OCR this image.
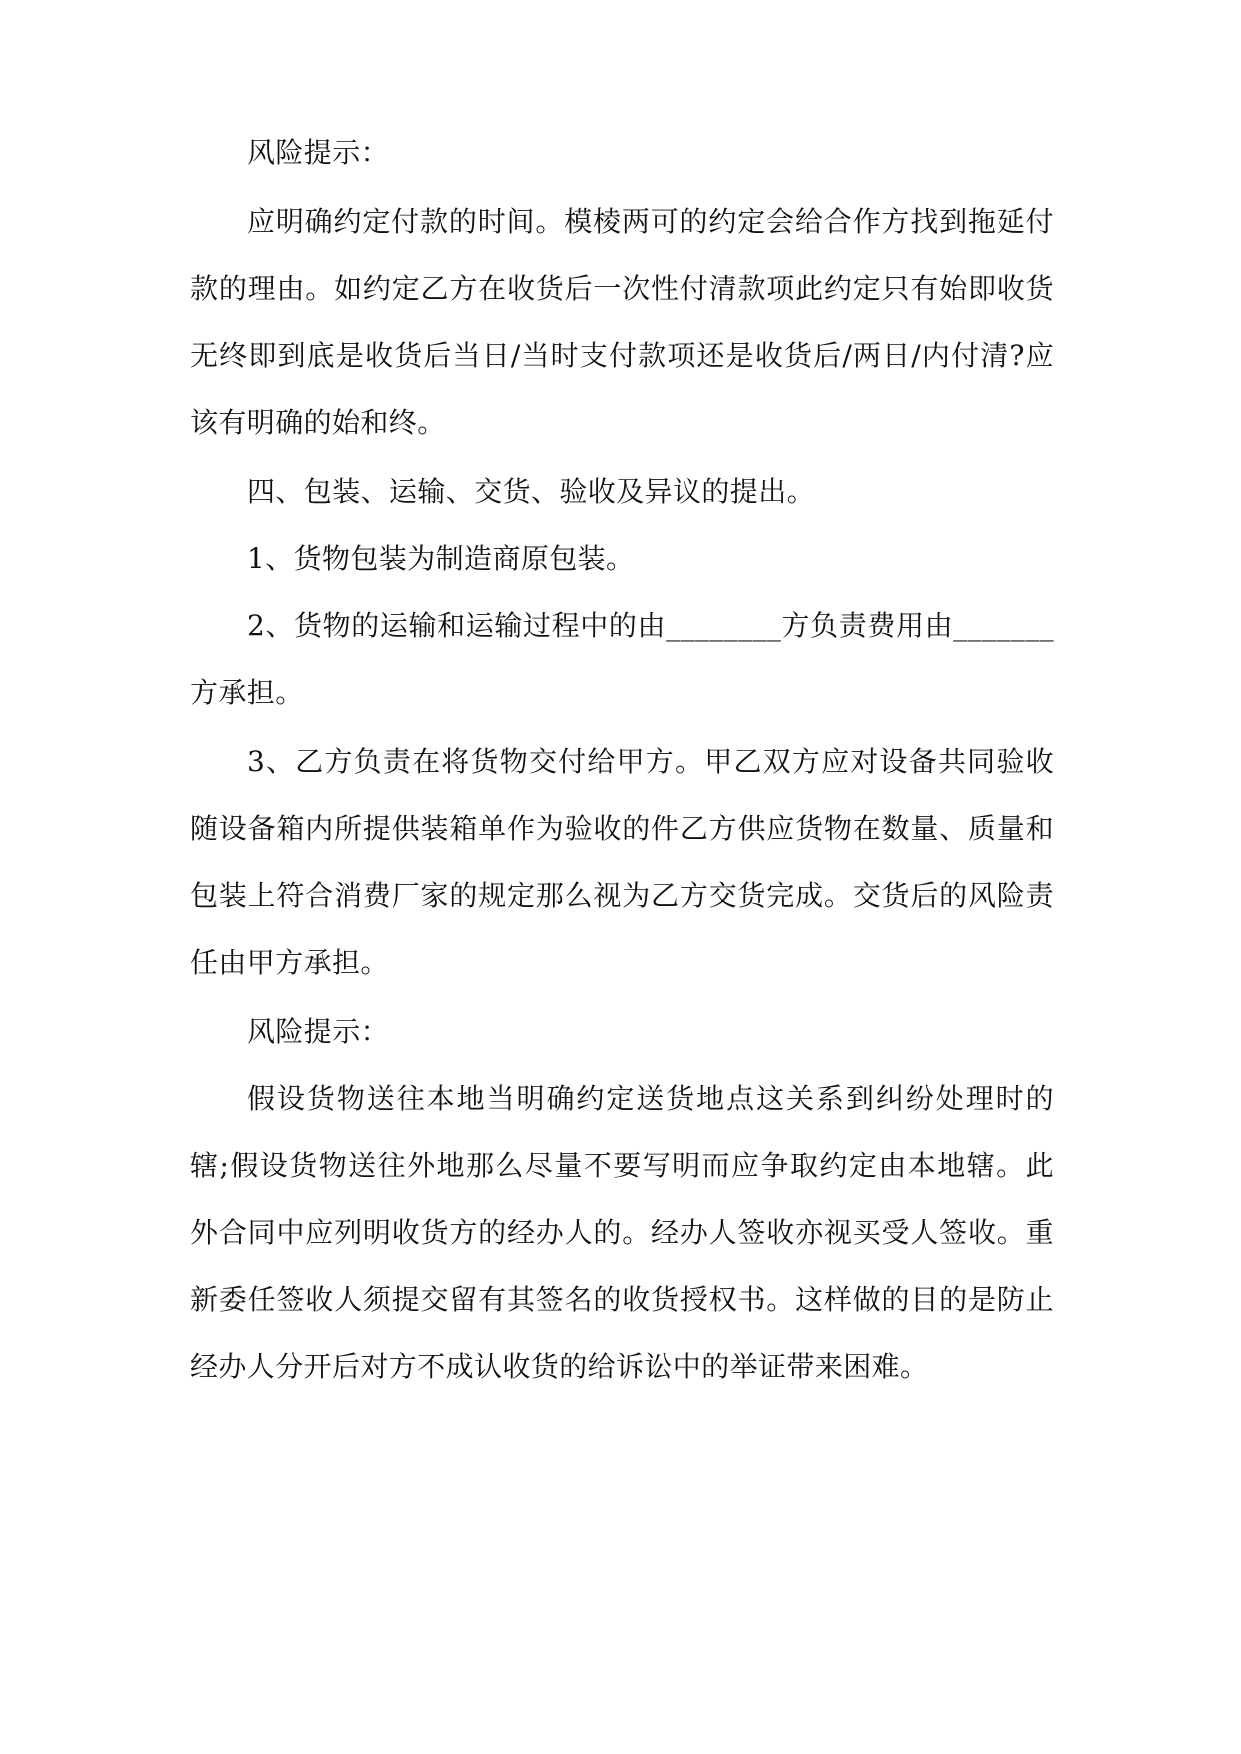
风险提示：
应明确约定付款的时间。模棱两可的约定会给合作方找到拖延付
款的理由。如约定乙方在收货后一次性付清款项此约定只有始即收货
无终即到底是收货后当日/当时支付款项还是收货后/两日/内付清?应
该有明确的始和终。
四、包装、运输、交货、验收及异议的提出。
1、货物包装为制造商原包装。
2、货物的运输和运输过程中的由________方负责费用由_______
方承担。
3、乙方负责在将货物交付给甲方。甲乙双方应对设备共同验收
随设备箱内所提供装箱单作为验收的件乙方供应货物在数量、质量和
包装上符合消费厂家的规定那么视为乙方交货完成。交货后的风险责
任由甲方承担。
风险提示：
假设货物送往本地当明确约定送货地点这关系到纠纷处理时的
辖;假设货物送往外地那么尽量不要写明而应争取约定由本地辖。此
外合同中应列明收货方的经办人的。经办人签收亦视买受人签收。重
新委任签收人须提交留有其签名的收货授权书。这样做的目的是防止
经办人分开后对方不成认收货的给诉讼中的举证带来困难。
